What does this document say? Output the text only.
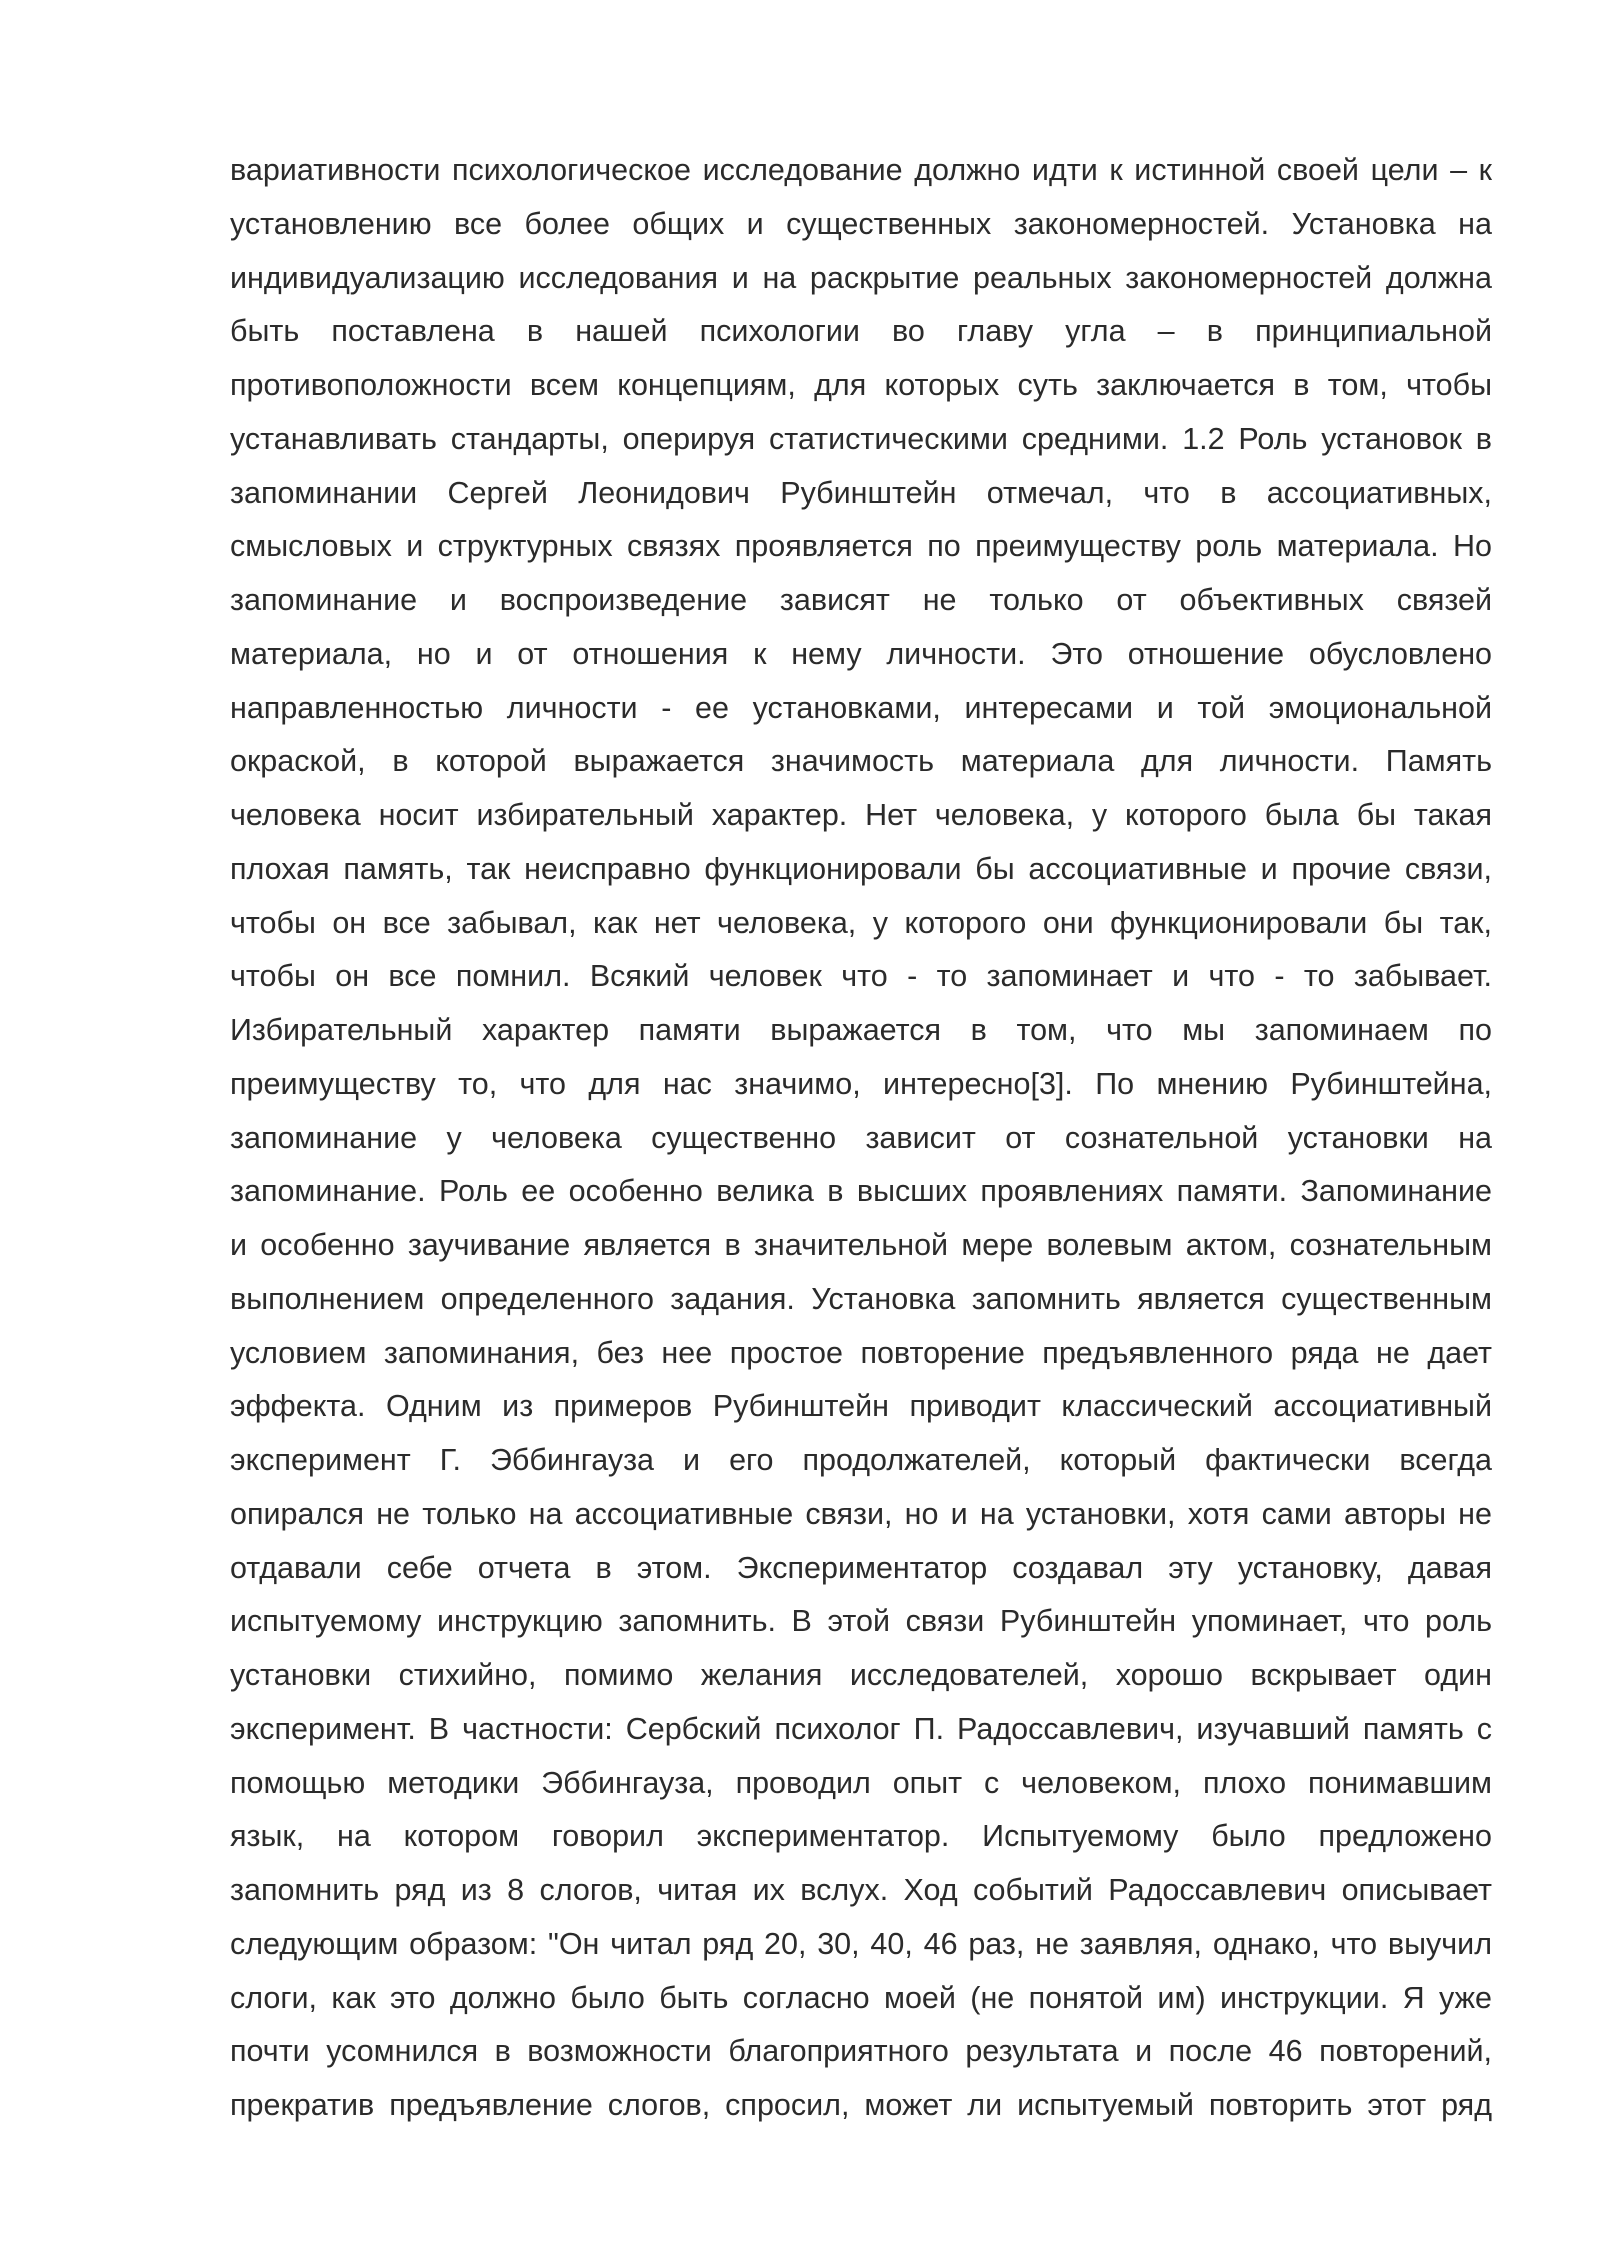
вариативности психологическое исследование должно идти к истинной своей цели – к
установлению все более общих и существенных закономерностей. Установка на
индивидуализацию исследования и на раскрытие реальных закономерностей должна
быть поставлена в нашей психологии во главу угла – в принципиальной
противоположности всем концепциям, для которых суть заключается в том, чтобы
устанавливать стандарты, оперируя статистическими средними. 1.2 Роль установок в
запоминании Сергей Леонидович Рубинштейн отмечал, что в ассоциативных,
смысловых и структурных связях проявляется по преимуществу роль материала. Но
запоминание и воспроизведение зависят не только от объективных связей
материала, но и от отношения к нему личности. Это отношение обусловлено
направленностью личности - ее установками, интересами и той эмоциональной
окраской, в которой выражается значимость материала для личности. Память
человека носит избирательный характер. Нет человека, у которого была бы такая
плохая память, так неисправно функционировали бы ассоциативные и прочие связи,
чтобы он все забывал, как нет человека, у которого они функционировали бы так,
чтобы он все помнил. Всякий человек что - то запоминает и что - то забывает.
Избирательный характер памяти выражается в том, что мы запоминаем по
преимуществу то, что для нас значимо, интересно[3]. По мнению Рубинштейна,
запоминание у человека существенно зависит от сознательной установки на
запоминание. Роль ее особенно велика в высших проявлениях памяти. Запоминание
и особенно заучивание является в значительной мере волевым актом, сознательным
выполнением определенного задания. Установка запомнить является существенным
условием запоминания, без нее простое повторение предъявленного ряда не дает
эффекта. Одним из примеров Рубинштейн приводит классический ассоциативный
эксперимент Г. Эббингауза и его продолжателей, который фактически всегда
опирался не только на ассоциативные связи, но и на установки, хотя сами авторы не
отдавали себе отчета в этом. Экспериментатор создавал эту установку, давая
испытуемому инструкцию запомнить. В этой связи Рубинштейн упоминает, что роль
установки стихийно, помимо желания исследователей, хорошо вскрывает один
эксперимент. В частности: Сербский психолог П. Радоссавлевич, изучавший память с
помощью методики Эббингауза, проводил опыт с человеком, плохо понимавшим
язык, на котором говорил экспериментатор. Испытуемому было предложено
запомнить ряд из 8 слогов, читая их вслух. Ход событий Радоссавлевич описывает
следующим образом: "Он читал ряд 20, 30, 40, 46 раз, не заявляя, однако, что выучил
слоги, как это должно было быть согласно моей (не понятой им) инструкции. Я уже
почти усомнился в возможности благоприятного результата и после 46 повторений,
прекратив предъявление слогов, спросил, может ли испытуемый повторить этот ряд
